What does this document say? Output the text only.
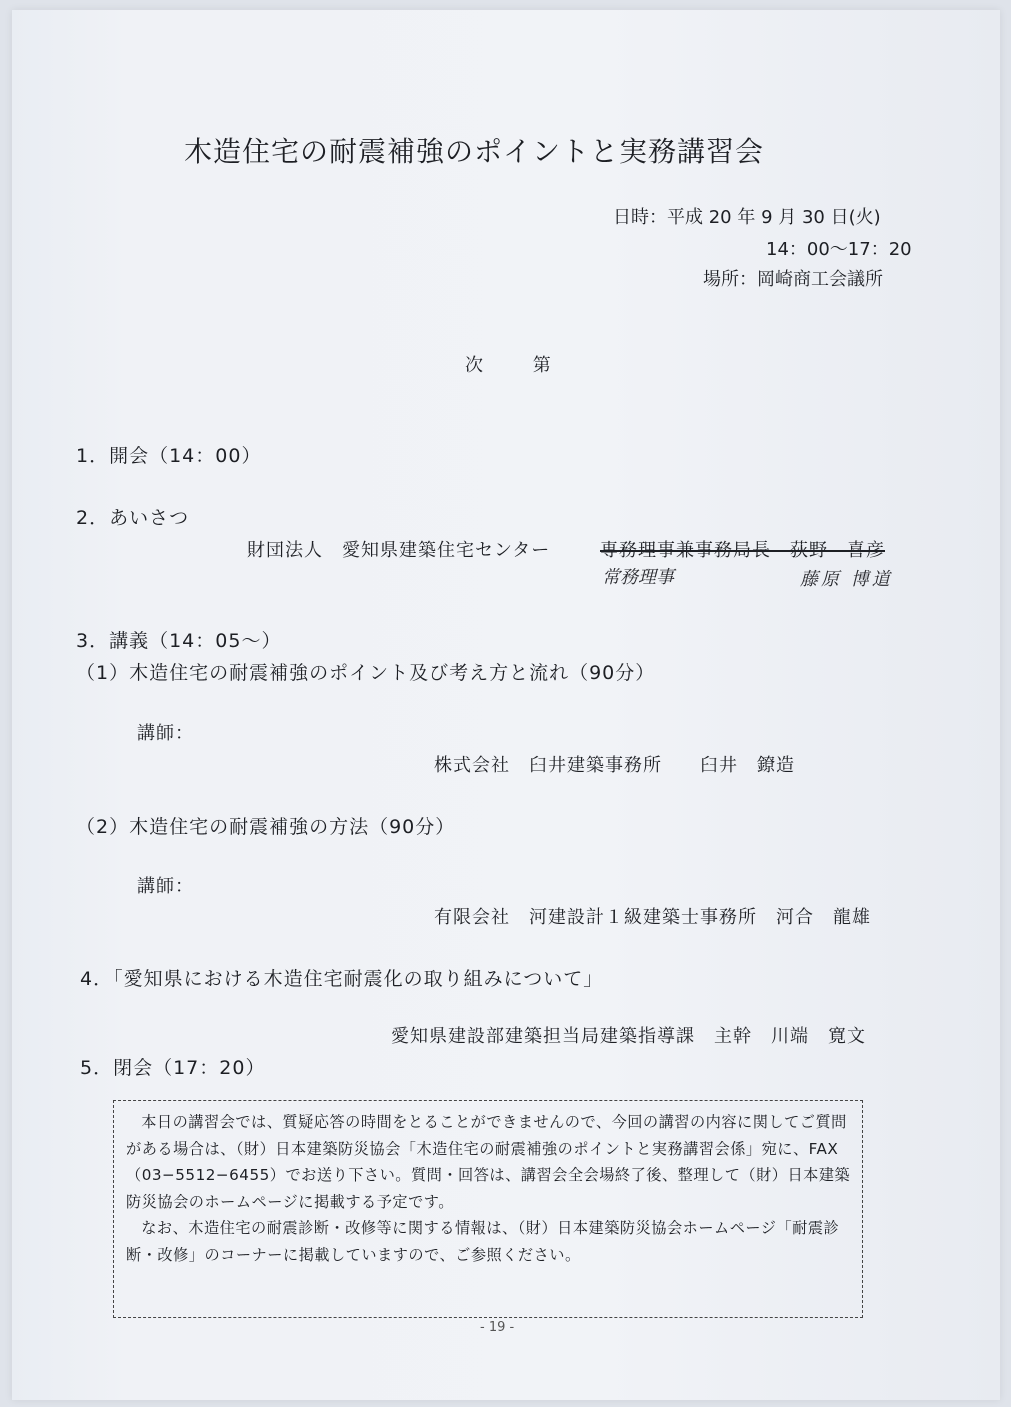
木造住宅の耐震補強のポイントと実務講習会
日時：平成 20 年 9 月 30 日(火)
14：00〜17：20
場所：岡崎商工会議所
次 第
1．開会（14：00）
2．あいさつ
財団法人　愛知県建築住宅センター	専務理事兼事務局長　荻野　喜彦
常務理事	藤原 博道
3．講義（14：05〜）
（1）木造住宅の耐震補強のポイント及び考え方と流れ（90分）
講師：
株式会社　臼井建築事務所　　臼井　鐐造
（2）木造住宅の耐震補強の方法（90分）
講師：
有限会社　河建設計１級建築士事務所　河合　龍雄
4．「愛知県における木造住宅耐震化の取り組みについて」
愛知県建設部建築担当局建築指導課　主幹　川端　寛文
5．閉会（17：20）

本日の講習会では、質疑応答の時間をとることができませんので、今回の講習の内容に関してご質問がある場合は、（財）日本建築防災協会「木造住宅の耐震補強のポイントと実務講習会係」宛に、FAX（03−5512−6455）でお送り下さい。質問・回答は、講習会全会場終了後、整理して（財）日本建築防災協会のホームページに掲載する予定です。

なお、木造住宅の耐震診断・改修等に関する情報は、（財）日本建築防災協会ホームページ「耐震診断・改修」のコーナーに掲載していますので、ご参照ください。

- 19 -
